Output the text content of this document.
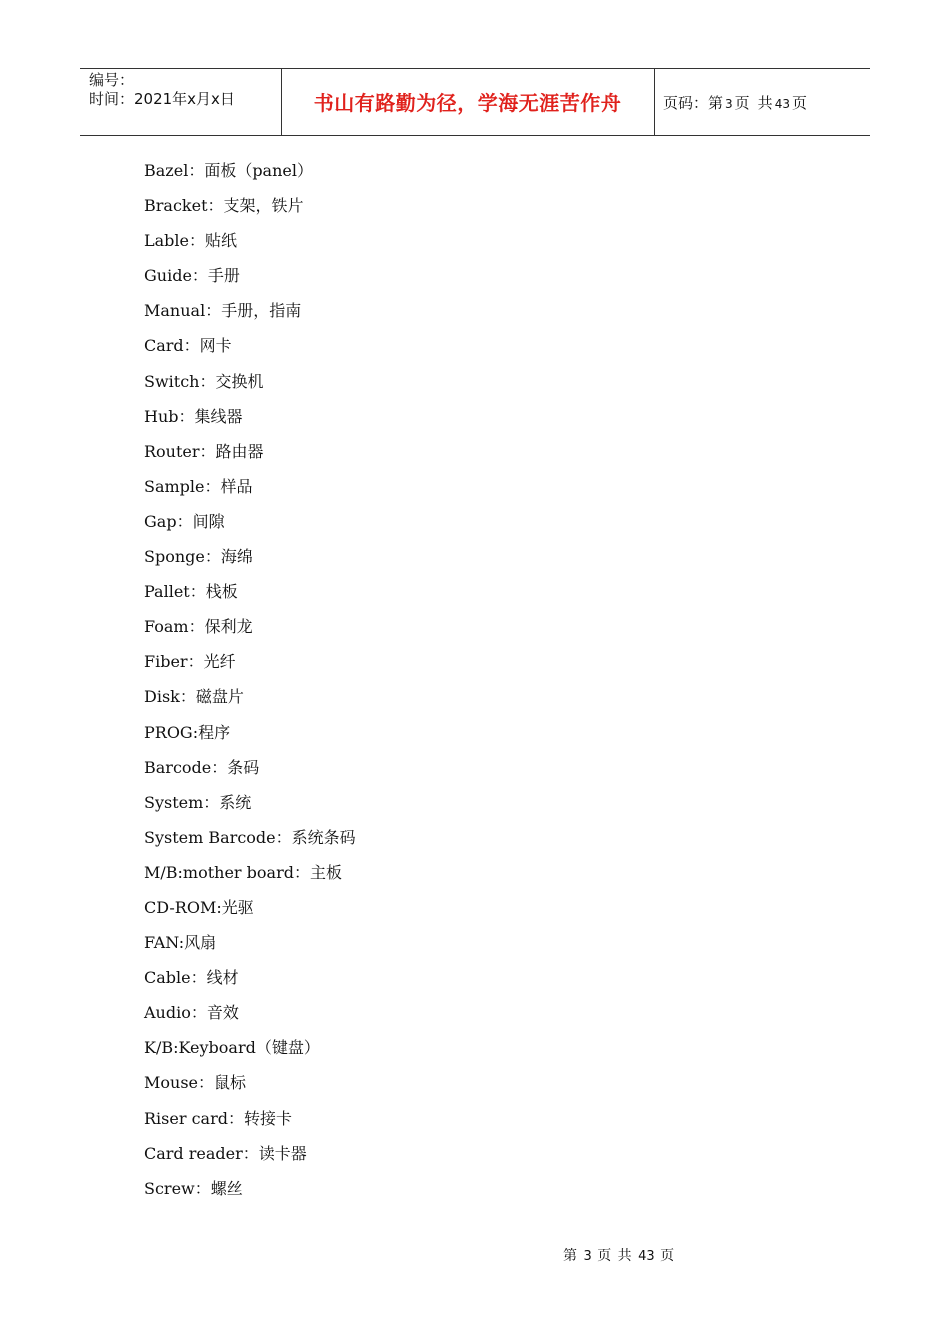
编号：
时间：2021年x月x日	书山有路勤为径，学海无涯苦作舟	页码：第 3 页 共 43 页
Bazel：面板（panel）
Bracket：支架，铁片
Lable：贴纸
Guide：手册
Manual：手册，指南
Card：网卡
Switch：交换机
Hub：集线器
Router：路由器
Sample：样品
Gap：间隙
Sponge：海绵
Pallet：栈板
Foam：保利龙
Fiber：光纤
Disk：磁盘片
PROG:程序
Barcode：条码
System：系统
System Barcode：系统条码
M/B:mother board：主板
CD-ROM:光驱
FAN:风扇
Cable：线材
Audio：音效
K/B:Keyboard（键盘）
Mouse：鼠标
Riser card：转接卡
Card reader：读卡器
Screw：螺丝
第 3 页 共 43 页
